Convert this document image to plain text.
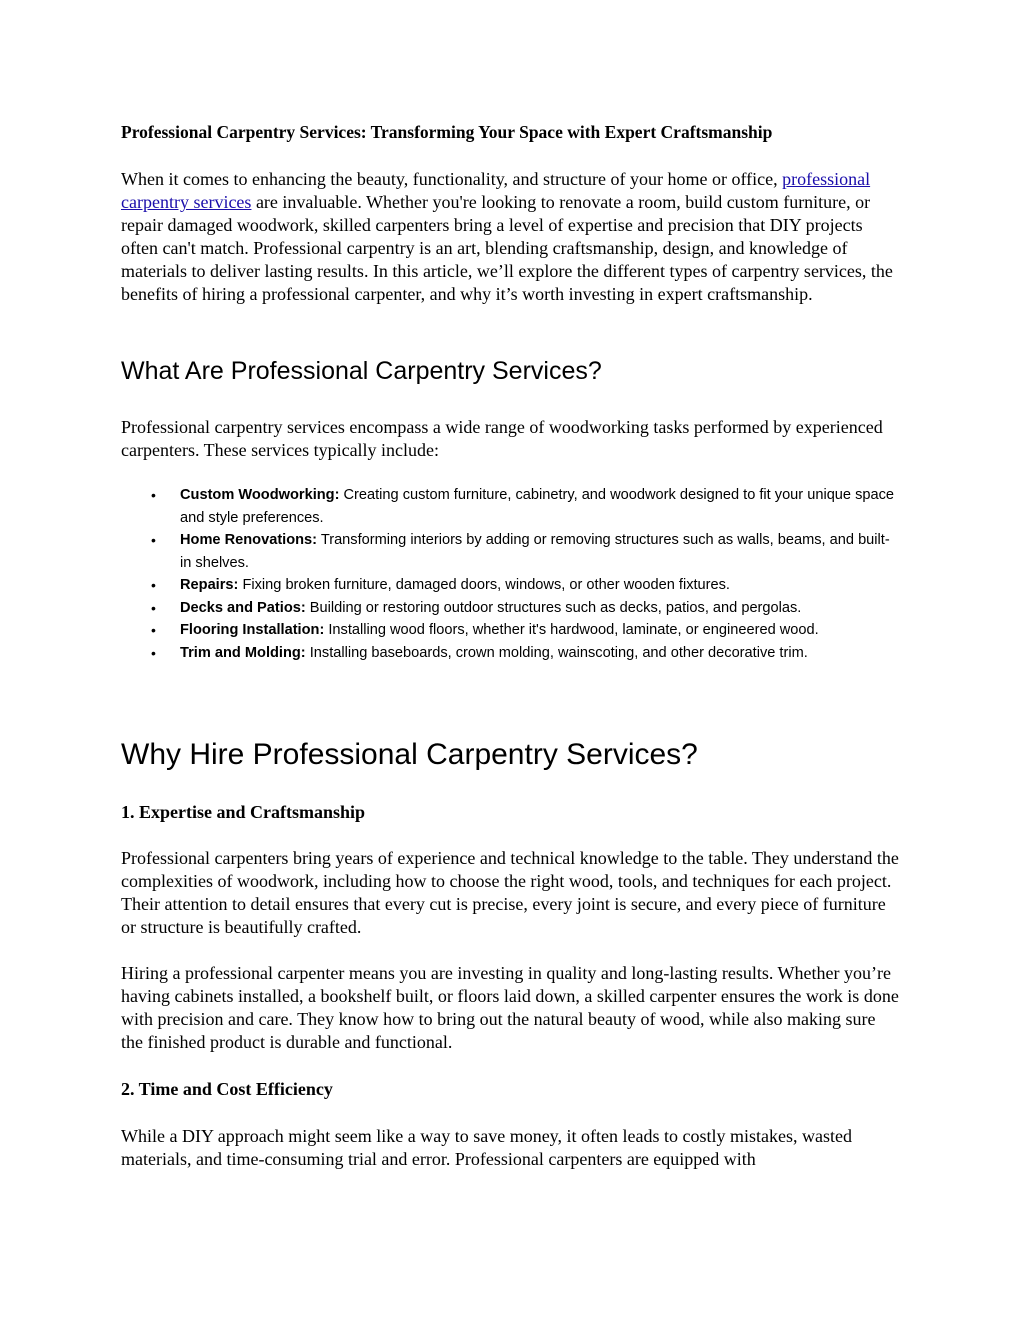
Professional Carpentry Services: Transforming Your Space with Expert Craftsmanship

When it comes to enhancing the beauty, functionality, and structure of your home or office, professional carpentry services are invaluable. Whether you're looking to renovate a room, build custom furniture, or repair damaged woodwork, skilled carpenters bring a level of expertise and precision that DIY projects often can't match. Professional carpentry is an art, blending craftsmanship, design, and knowledge of materials to deliver lasting results. In this article, we’ll explore the different types of carpentry services, the benefits of hiring a professional carpenter, and why it’s worth investing in expert craftsmanship.

What Are Professional Carpentry Services?

Professional carpentry services encompass a wide range of woodworking tasks performed by experienced carpenters. These services typically include:

• Custom Woodworking: Creating custom furniture, cabinetry, and woodwork designed to fit your unique space and style preferences.
• Home Renovations: Transforming interiors by adding or removing structures such as walls, beams, and built-in shelves.
• Repairs: Fixing broken furniture, damaged doors, windows, or other wooden fixtures.
• Decks and Patios: Building or restoring outdoor structures such as decks, patios, and pergolas.
• Flooring Installation: Installing wood floors, whether it's hardwood, laminate, or engineered wood.
• Trim and Molding: Installing baseboards, crown molding, wainscoting, and other decorative trim.
Why Hire Professional Carpentry Services?
1. Expertise and Craftsmanship

Professional carpenters bring years of experience and technical knowledge to the table. They understand the complexities of woodwork, including how to choose the right wood, tools, and techniques for each project. Their attention to detail ensures that every cut is precise, every joint is secure, and every piece of furniture or structure is beautifully crafted.

Hiring a professional carpenter means you are investing in quality and long-lasting results. Whether you’re having cabinets installed, a bookshelf built, or floors laid down, a skilled carpenter ensures the work is done with precision and care. They know how to bring out the natural beauty of wood, while also making sure the finished product is durable and functional.

2. Time and Cost Efficiency

While a DIY approach might seem like a way to save money, it often leads to costly mistakes, wasted materials, and time-consuming trial and error. Professional carpenters are equipped with
